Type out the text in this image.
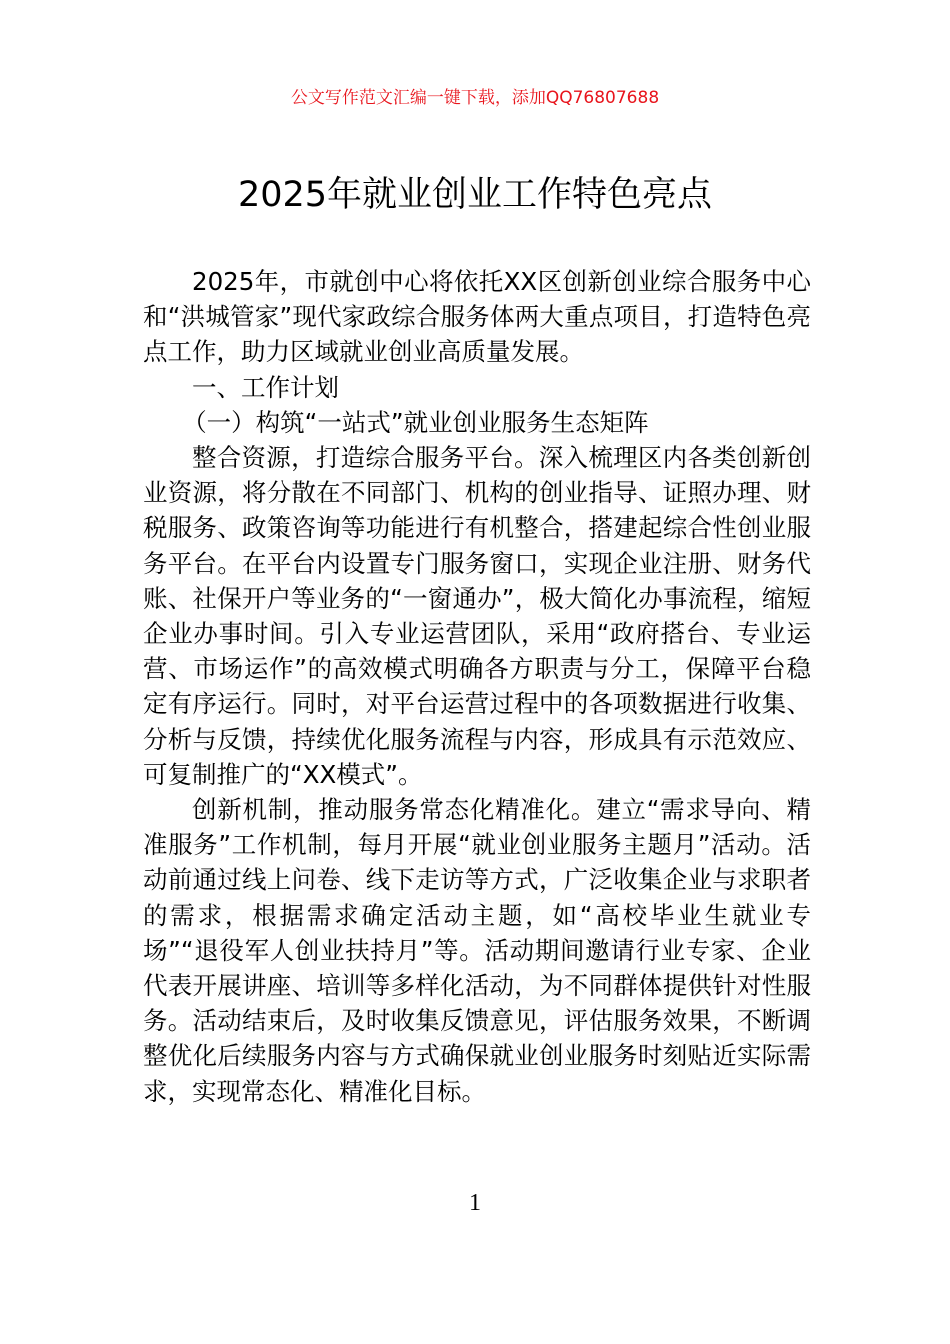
公文写作范文汇编一键下载，添加QQ76807688
2025年就业创业工作特色亮点

2025年，市就创中心将依托XX区创新创业综合服务中心和“洪城管家”现代家政综合服务体两大重点项目，打造特色亮点工作，助力区域就业创业高质量发展。

一、工作计划

（一）构筑“一站式”就业创业服务生态矩阵

整合资源，打造综合服务平台。深入梳理区内各类创新创业资源，将分散在不同部门、机构的创业指导、证照办理、财税服务、政策咨询等功能进行有机整合，搭建起综合性创业服务平台。在平台内设置专门服务窗口，实现企业注册、财务代账、社保开户等业务的“一窗通办”，极大简化办事流程，缩短企业办事时间。引入专业运营团队，采用“政府搭台、专业运营、市场运作”的高效模式明确各方职责与分工，保障平台稳定有序运行。同时，对平台运营过程中的各项数据进行收集、分析与反馈，持续优化服务流程与内容，形成具有示范效应、可复制推广的“XX模式”。

创新机制，推动服务常态化精准化。建立“需求导向、精准服务”工作机制，每月开展“就业创业服务主题月”活动。活动前通过线上问卷、线下走访等方式，广泛收集企业与求职者的需求，根据需求确定活动主题，如“高校毕业生就业专场”“退役军人创业扶持月”等。活动期间邀请行业专家、企业代表开展讲座、培训等多样化活动，为不同群体提供针对性服务。活动结束后，及时收集反馈意见，评估服务效果，不断调整优化后续服务内容与方式确保就业创业服务时刻贴近实际需求，实现常态化、精准化目标。

1
